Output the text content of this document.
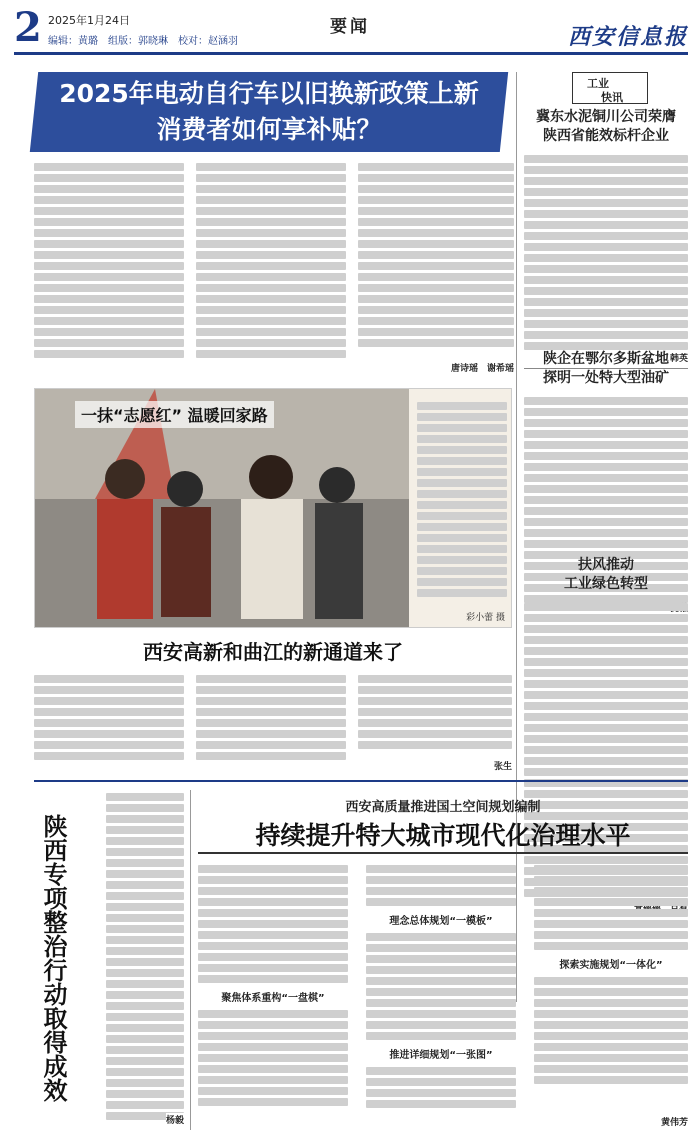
2 2025年1月24日	要闻
编辑：黄璐　组版：郭晓琳　校对：赵涵羽	西安信息报
2025年电动自行车以旧换新政策上新
消费者如何享补贴？
唐诗瑶　谢希瑶
工业
快讯
冀东水泥铜川公司荣膺
陕西省能效标杆企业
韩英
陕企在鄂尔多斯盆地
探明一处特大型油矿
扶风推动
工业绿色转型
一抹“志愿红” 温暖回家路
彩小蕾 摄
西安高新和曲江的新通道来了
张生
陕西专项整治行动取得成效
杨毅
西安高质量推进国土空间规划编制
持续提升特大城市现代化治理水平
聚焦体系重构“一盘棋”
理念总体规划“一模板”
推进详细规划“一张图”
探索实施规划“一体化”
黄伟芳
